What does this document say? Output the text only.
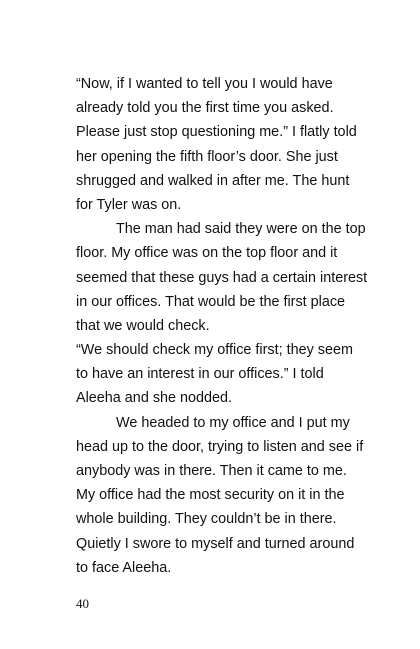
“Now, if I wanted to tell you I would have
already told you the first time you asked.
Please just stop questioning me.” I flatly told
her opening the fifth floor’s door. She just
shrugged and walked in after me. The hunt
for Tyler was on.
The man had said they were on the top
floor. My office was on the top floor and it
seemed that these guys had a certain interest
in our offices. That would be the first place
that we would check.
“We should check my office first; they seem
to have an interest in our offices.” I told
Aleeha and she nodded.
We headed to my office and I put my
head up to the door, trying to listen and see if
anybody was in there. Then it came to me.
My office had the most security on it in the
whole building. They couldn’t be in there.
Quietly I swore to myself and turned around
to face Aleeha.
40
